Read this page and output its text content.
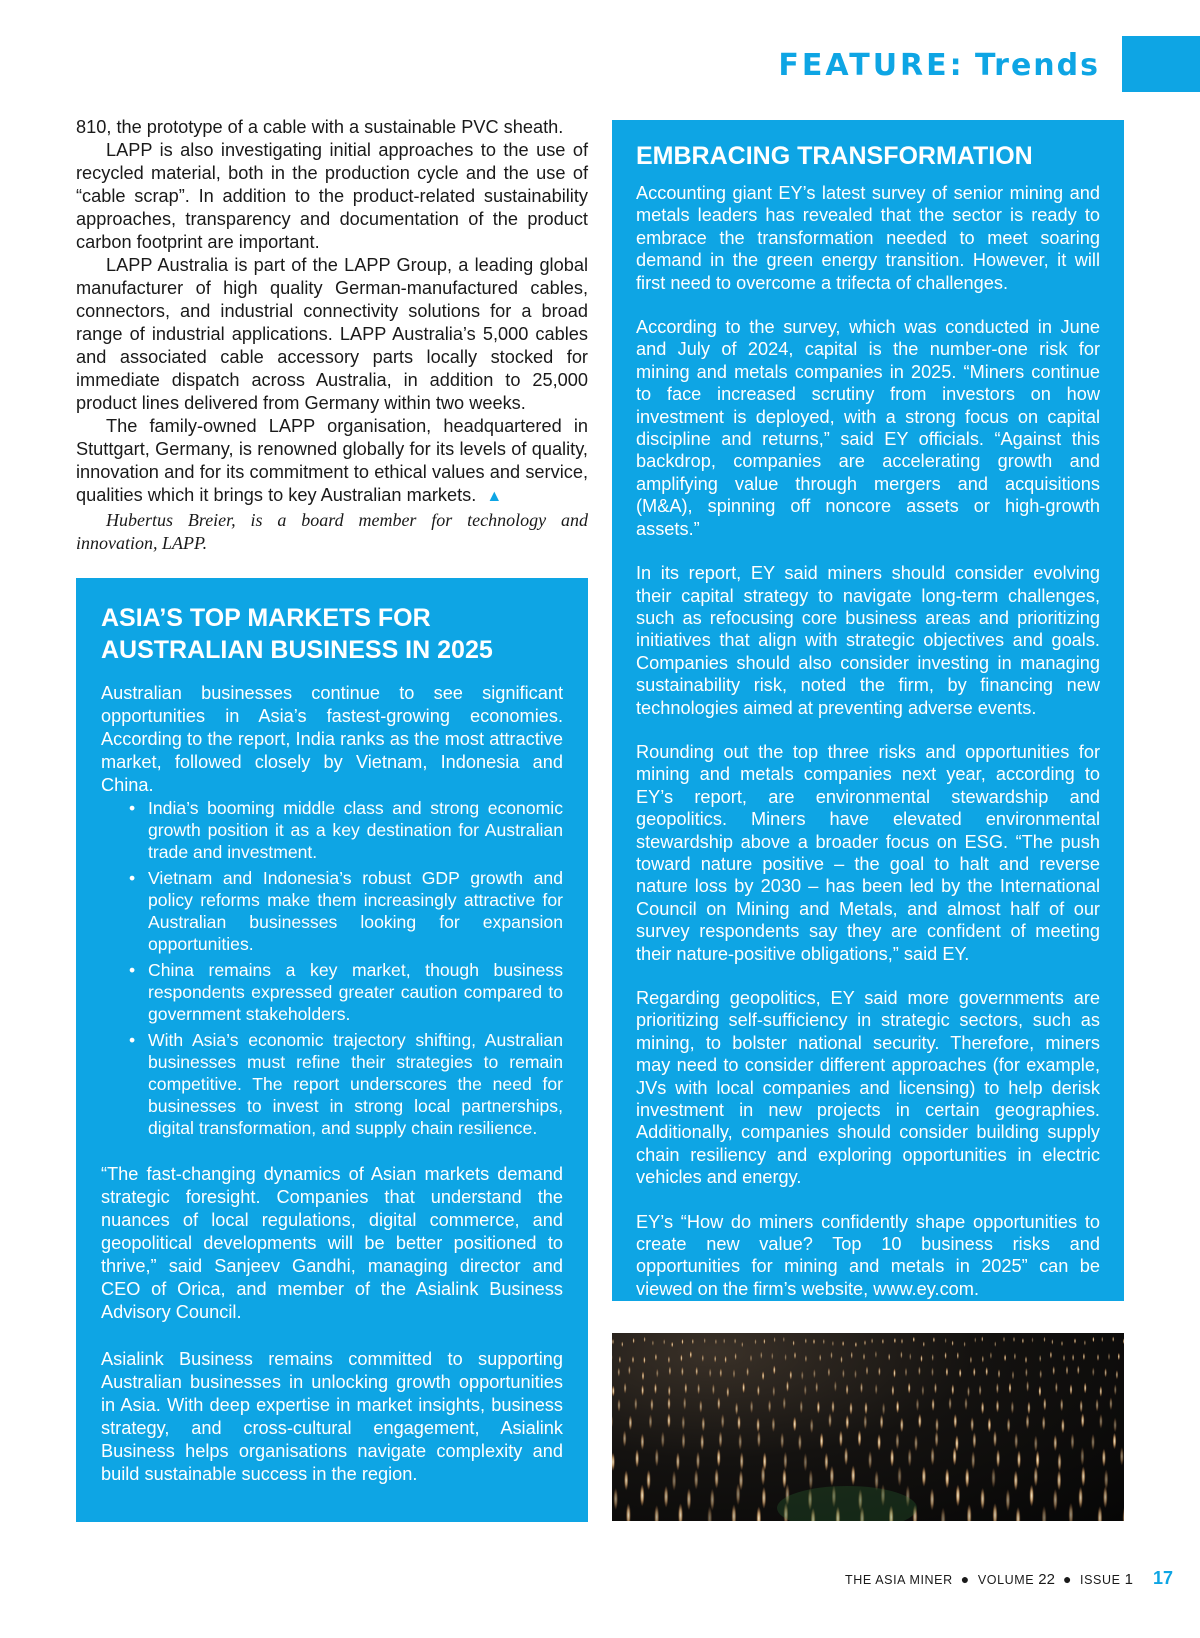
FEATURE: Trends

810, the prototype of a cable with a sustainable PVC sheath.

LAPP is also investigating initial approaches to the use of recycled material, both in the production cycle and the use of “cable scrap”. In addition to the product-related sustainability approaches, transparency and documentation of the product carbon footprint are important.

LAPP Australia is part of the LAPP Group, a leading global manufacturer of high quality German-manufactured cables, connectors, and industrial connectivity solutions for a broad range of industrial applications. LAPP Australia’s 5,000 cables and associated cable accessory parts locally stocked for immediate dispatch across Australia, in addition to 25,000 product lines delivered from Germany within two weeks.

The family-owned LAPP organisation, headquartered in Stuttgart, Germany, is renowned globally for its levels of quality, innovation and for its commitment to ethical values and service, qualities which it brings to key Australian markets. ▲

Hubertus Breier, is a board member for technology and innovation, LAPP.

ASIA’S TOP MARKETS FOR AUSTRALIAN BUSINESS IN 2025

Australian businesses continue to see significant opportunities in Asia’s fastest-growing economies. According to the report, India ranks as the most attractive market, followed closely by Vietnam, Indonesia and China.

• India’s booming middle class and strong economic growth position it as a key destination for Australian trade and investment.
• Vietnam and Indonesia’s robust GDP growth and policy reforms make them increasingly attractive for Australian businesses looking for expansion opportunities.
• China remains a key market, though business respondents expressed greater caution compared to government stakeholders.
• With Asia’s economic trajectory shifting, Australian businesses must refine their strategies to remain competitive. The report underscores the need for businesses to invest in strong local partnerships, digital transformation, and supply chain resilience.

“The fast-changing dynamics of Asian markets demand strategic foresight. Companies that understand the nuances of local regulations, digital commerce, and geopolitical developments will be better positioned to thrive,” said Sanjeev Gandhi, managing director and CEO of Orica, and member of the Asialink Business Advisory Council.

Asialink Business remains committed to supporting Australian businesses in unlocking growth opportunities in Asia. With deep expertise in market insights, business strategy, and cross-cultural engagement, Asialink Business helps organisations navigate complexity and build sustainable success in the region.

EMBRACING TRANSFORMATION

Accounting giant EY’s latest survey of senior mining and metals leaders has revealed that the sector is ready to embrace the transformation needed to meet soaring demand in the green energy transition. However, it will first need to overcome a trifecta of challenges.

According to the survey, which was conducted in June and July of 2024, capital is the number-one risk for mining and metals companies in 2025. “Miners continue to face increased scrutiny from investors on how investment is deployed, with a strong focus on capital discipline and returns,” said EY officials. “Against this backdrop, companies are accelerating growth and amplifying value through mergers and acquisitions (M&A), spinning off noncore assets or high-growth assets.”

In its report, EY said miners should consider evolving their capital strategy to navigate long-term challenges, such as refocusing core business areas and prioritizing initiatives that align with strategic objectives and goals. Companies should also consider investing in managing sustainability risk, noted the firm, by financing new technologies aimed at preventing adverse events.

Rounding out the top three risks and opportunities for mining and metals companies next year, according to EY’s report, are environmental stewardship and geopolitics. Miners have elevated environmental stewardship above a broader focus on ESG. “The push toward nature positive – the goal to halt and reverse nature loss by 2030 – has been led by the International Council on Mining and Metals, and almost half of our survey respondents say they are confident of meeting their nature-positive obligations,” said EY.

Regarding geopolitics, EY said more governments are prioritizing self-sufficiency in strategic sectors, such as mining, to bolster national security. Therefore, miners may need to consider different approaches (for example, JVs with local companies and licensing) to help derisk investment in new projects in certain geographies. Additionally, companies should consider building supply chain resiliency and exploring opportunities in electric vehicles and energy.

EY’s “How do miners confidently shape opportunities to create new value? Top 10 business risks and opportunities for mining and metals in 2025” can be viewed on the firm’s website, www.ey.com.

THE ASIA MINER ● VOLUME 22 ● ISSUE 1 17
